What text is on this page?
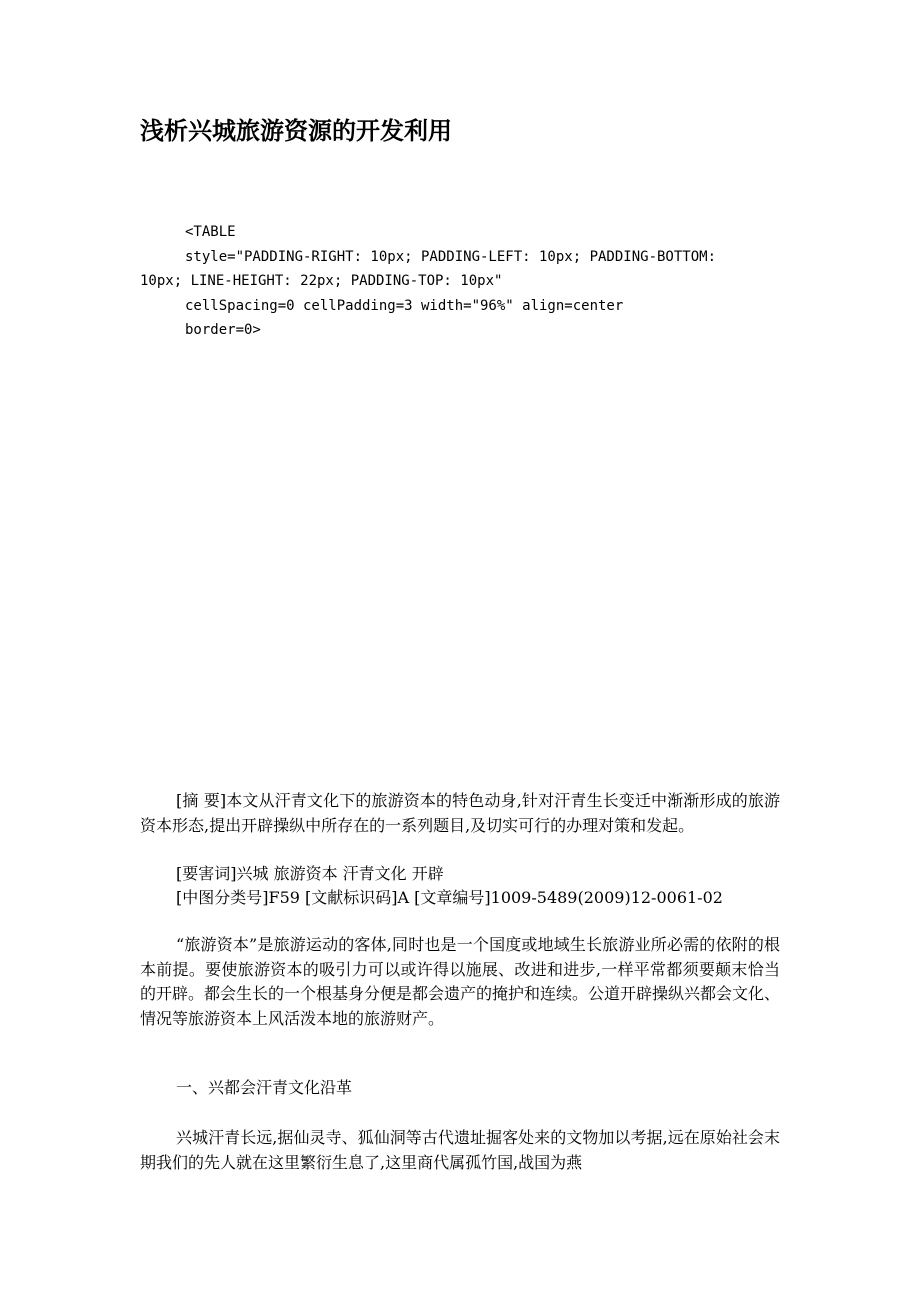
浅析兴城旅游资源的开发利用

<TABLE

style="PADDING-RIGHT: 10px; PADDING-LEFT: 10px; PADDING-BOTTOM:

10px; LINE-HEIGHT: 22px; PADDING-TOP: 10px"

cellSpacing=0 cellPadding=3 width="96%" align=center

border=0>

[摘 要]本文从汗青文化下的旅游资本的特色动身,针对汗青生长变迁中渐渐形成的旅游资本形态,提出开辟操纵中所存在的一系列题目,及切实可行的办理对策和发起。

[要害词]兴城 旅游资本 汗青文化 开辟

[中图分类号]F59 [文献标识码]A [文章编号]1009-5489(2009)12-0061-02

“旅游资本”是旅游运动的客体,同时也是一个国度或地域生长旅游业所必需的依附的根本前提。要使旅游资本的吸引力可以或许得以施展、改进和进步,一样平常都须要颠末恰当的开辟。都会生长的一个根基身分便是都会遗产的掩护和连续。公道开辟操纵兴都会文化、情况等旅游资本上风活泼本地的旅游财产。

一、兴都会汗青文化沿革

兴城汗青长远,据仙灵寺、狐仙洞等古代遗址掘客处来的文物加以考据,远在原始社会末期我们的先人就在这里繁衍生息了,这里商代属孤竹国,战国为燕
